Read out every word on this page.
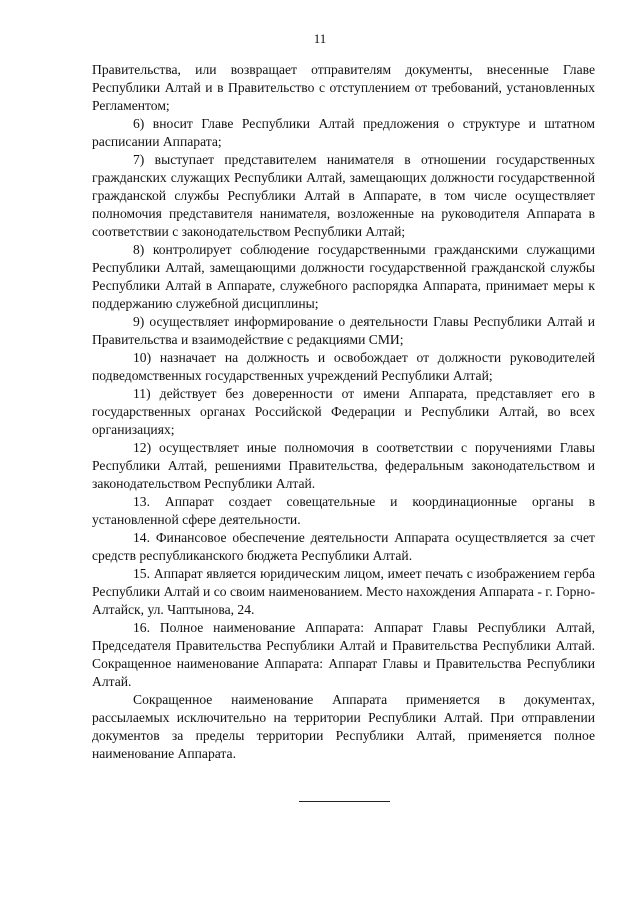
11

Правительства, или возвращает отправителям документы, внесенные Главе Республики Алтай и в Правительство с отступлением от требований, установленных Регламентом;

6) вносит Главе Республики Алтай предложения о структуре и штатном расписании Аппарата;

7) выступает представителем нанимателя в отношении государственных гражданских служащих Республики Алтай, замещающих должности государственной гражданской службы Республики Алтай в Аппарате, в том числе осуществляет полномочия представителя нанимателя, возложенные на руководителя Аппарата в соответствии с законодательством Республики Алтай;

8) контролирует соблюдение государственными гражданскими служащими Республики Алтай, замещающими должности государственной гражданской службы Республики Алтай в Аппарате, служебного распорядка Аппарата, принимает меры к поддержанию служебной дисциплины;

9) осуществляет информирование о деятельности Главы Республики Алтай и Правительства и взаимодействие с редакциями СМИ;

10) назначает на должность и освобождает от должности руководителей подведомственных государственных учреждений Республики Алтай;

11) действует без доверенности от имени Аппарата, представляет его в государственных органах Российской Федерации и Республики Алтай, во всех организациях;

12) осуществляет иные полномочия в соответствии с поручениями Главы Республики Алтай, решениями Правительства, федеральным законодательством и законодательством Республики Алтай.

13. Аппарат создает совещательные и координационные органы в установленной сфере деятельности.

14. Финансовое обеспечение деятельности Аппарата осуществляется за счет средств республиканского бюджета Республики Алтай.

15. Аппарат является юридическим лицом, имеет печать с изображением герба Республики Алтай и со своим наименованием. Место нахождения Аппарата - г. Горно-Алтайск, ул. Чаптынова, 24.

16. Полное наименование Аппарата: Аппарат Главы Республики Алтай, Председателя Правительства Республики Алтай и Правительства Республики Алтай. Сокращенное наименование Аппарата: Аппарат Главы и Правительства Республики Алтай.

Сокращенное наименование Аппарата применяется в документах, рассылаемых исключительно на территории Республики Алтай. При отправлении документов за пределы территории Республики Алтай, применяется полное наименование Аппарата.
